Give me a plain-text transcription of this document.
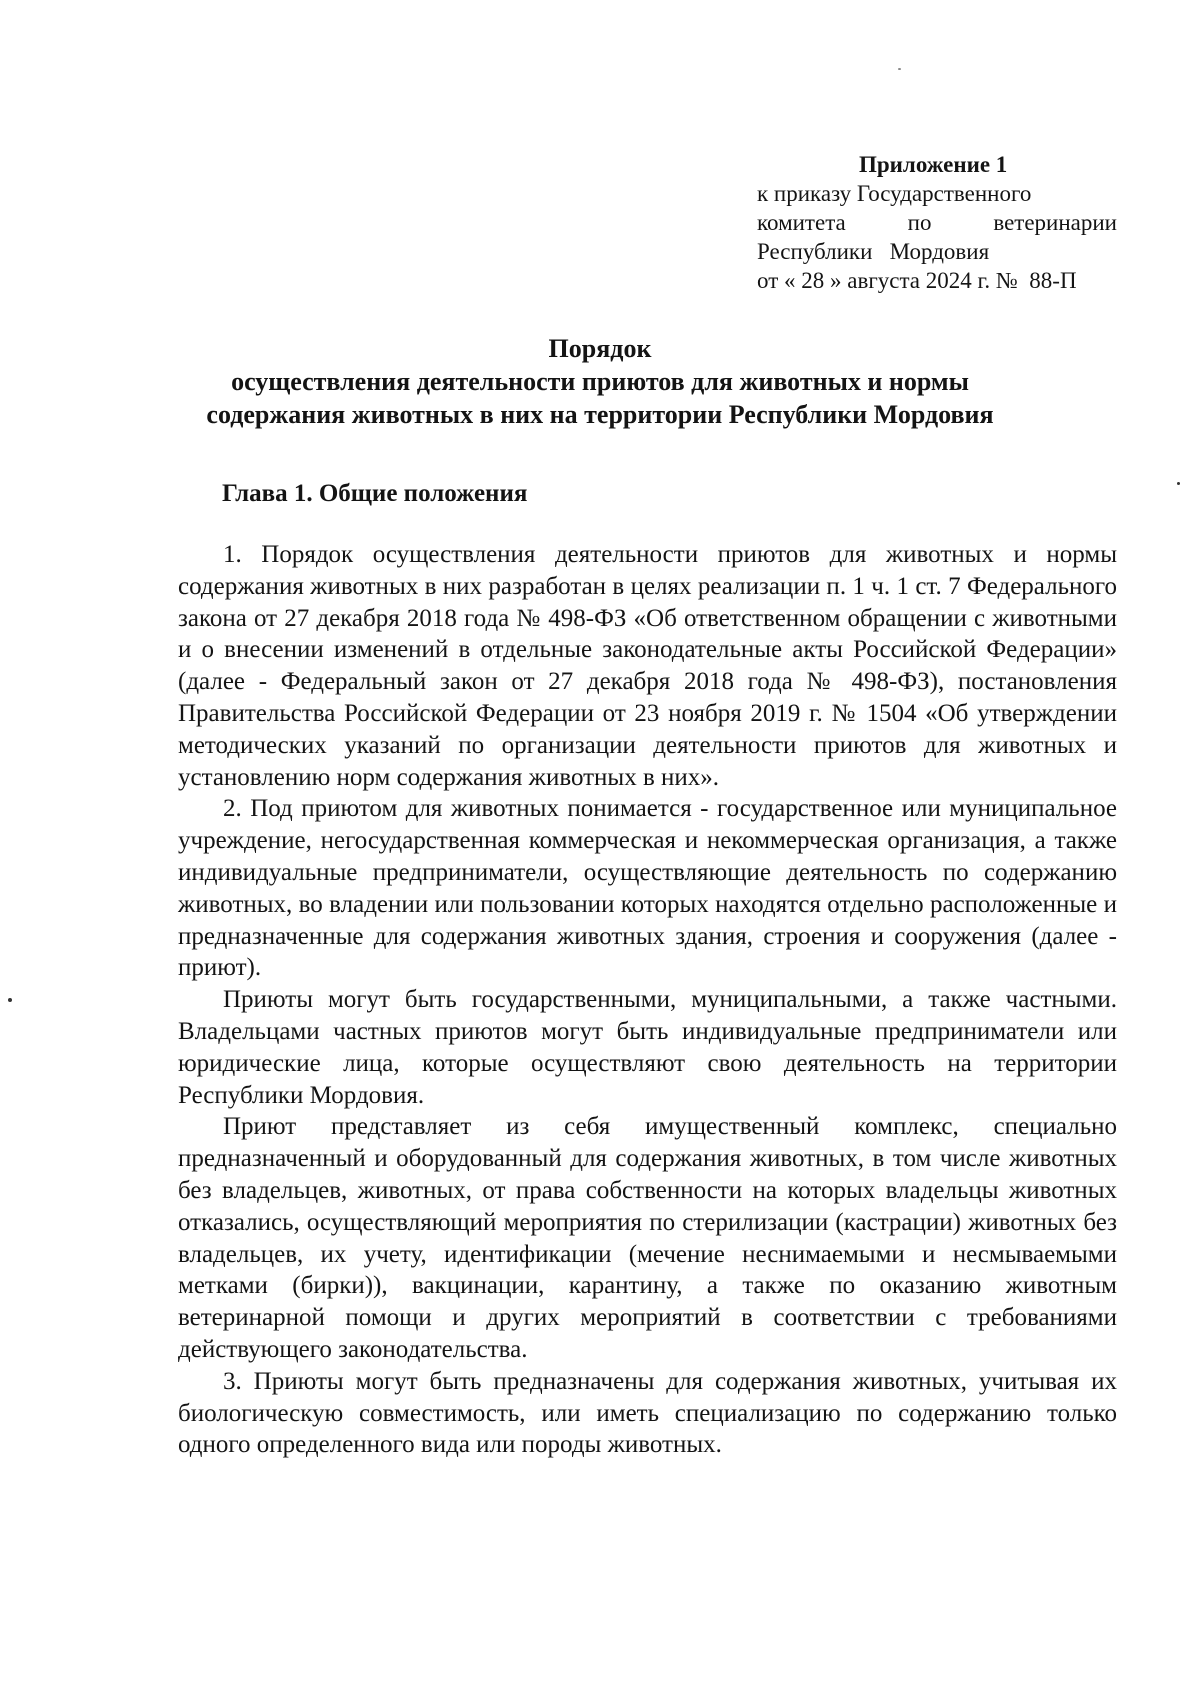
Приложение 1
к приказу Государственного
комитета	по	ветеринарии
Республики   Мордовия
от « 28 » августа 2024 г. №  88-П
Порядок
осуществления деятельности приютов для животных и нормы
содержания животных в них на территории Республики Мордовия
Глава 1. Общие положения

1. Порядок осуществления деятельности приютов для животных и нормы содержания животных в них разработан в целях реализации п. 1 ч. 1 ст. 7 Федерального закона от 27 декабря 2018 года № 498-ФЗ «Об ответственном обращении с животными и о внесении изменений в отдельные законодательные акты Российской Федерации» (далее - Федеральный закон от 27 декабря 2018 года № 498-ФЗ), постановления Правительства Российской Федерации от 23 ноября 2019 г. № 1504 «Об утверждении методических указаний по организации деятельности приютов для животных и установлению норм содержания животных в них».

2. Под приютом для животных понимается - государственное или муниципальное учреждение, негосударственная коммерческая и некоммерческая организация, а также индивидуальные предприниматели, осуществляющие деятельность по содержанию животных, во владении или пользовании которых находятся отдельно расположенные и предназначенные для содержания животных здания, строения и сооружения (далее - приют).

Приюты могут быть государственными, муниципальными, а также частными. Владельцами частных приютов могут быть индивидуальные предприниматели или юридические лица, которые осуществляют свою деятельность на территории Республики Мордовия.

Приют представляет из себя имущественный комплекс, специально предназначенный и оборудованный для содержания животных, в том числе животных без владельцев, животных, от права собственности на которых владельцы животных отказались, осуществляющий мероприятия по стерилизации (кастрации) животных без владельцев, их учету, идентификации (мечение неснимаемыми и несмываемыми метками (бирки)), вакцинации, карантину, а также по оказанию животным ветеринарной помощи и других мероприятий в соответствии с требованиями действующего законодательства.

3. Приюты могут быть предназначены для содержания животных, учитывая их биологическую совместимость, или иметь специализацию по содержанию только одного определенного вида или породы животных.
